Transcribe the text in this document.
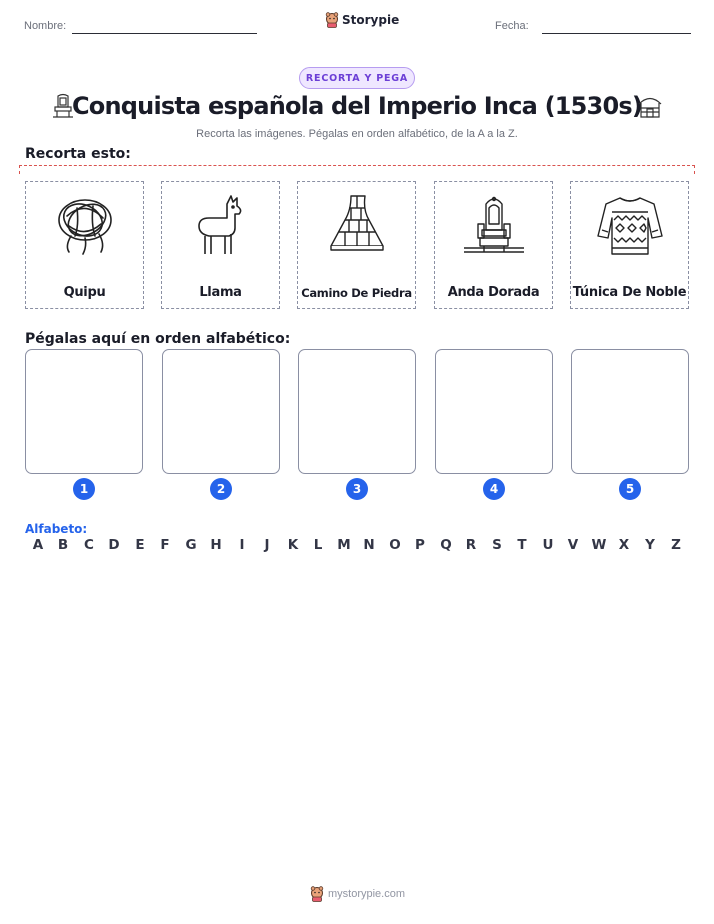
Nombre:	Storypie	Fecha:
RECORTA Y PEGA
Conquista española del Imperio Inca (1530s)
Recorta las imágenes. Pégalas en orden alfabético, de la A a la Z.
Recorta esto:
Quipu	Llama	Camino De Piedra	Anda Dorada	Túnica De Noble
Pégalas aquí en orden alfabético:
1	2	3	4	5
Alfabeto:
A	B	C	D	E	F	G	H	I	J	K	L	M N	O	P	Q	R	S	T	U	V W X	Y	Z
mystorypie.com
